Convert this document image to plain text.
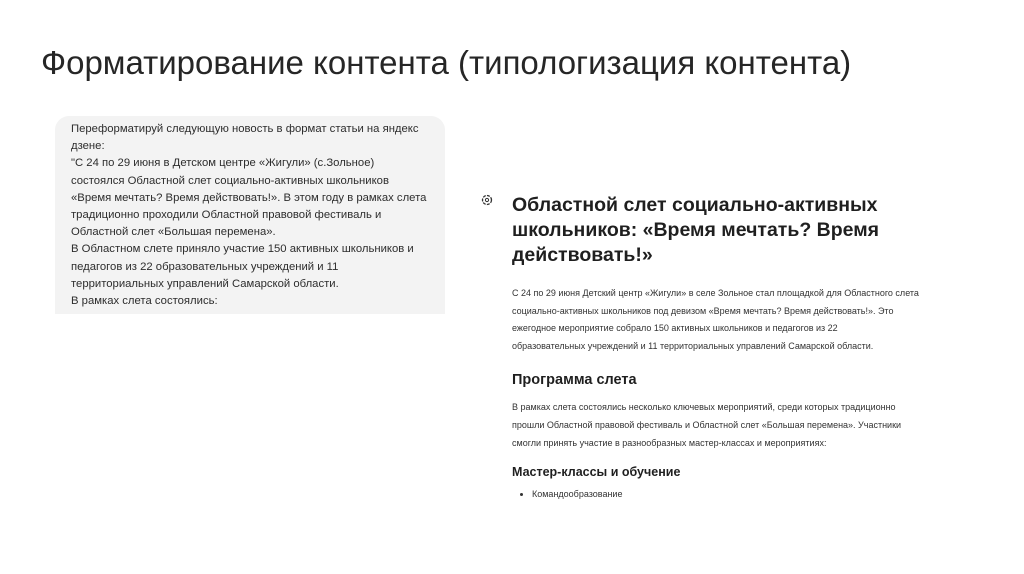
Форматирование контента (типологизация контента)

Переформатируй следующую новость в формат статьи на яндекс
дзене:
"С 24 по 29 июня в Детском центре «Жигули» (с.Зольное)
состоялся Областной слет социально-активных школьников
«Время мечтать? Время действовать!». В этом году в рамках слета
традиционно проходили Областной правовой фестиваль и
Областной слет «Большая перемена».
В Областном слете приняло участие 150 активных школьников и
педагогов из 22 образовательных учреждений и 11
территориальных управлений Самарской области.
В рамках слета состоялись:

Областной слет социально-активных
школьников: «Время мечтать? Время
действовать!»
С 24 по 29 июня Детский центр «Жигули» в селе Зольное стал площадкой для Областного слета
социально-активных школьников под девизом «Время мечтать? Время действовать!». Это
ежегодное мероприятие собрало 150 активных школьников и педагогов из 22
образовательных учреждений и 11 территориальных управлений Самарской области.
Программа слета
В рамках слета состоялись несколько ключевых мероприятий, среди которых традиционно
прошли Областной правовой фестиваль и Областной слет «Большая перемена». Участники
смогли принять участие в разнообразных мастер-классах и мероприятиях:
Мастер-классы и обучение
• Командообразование
